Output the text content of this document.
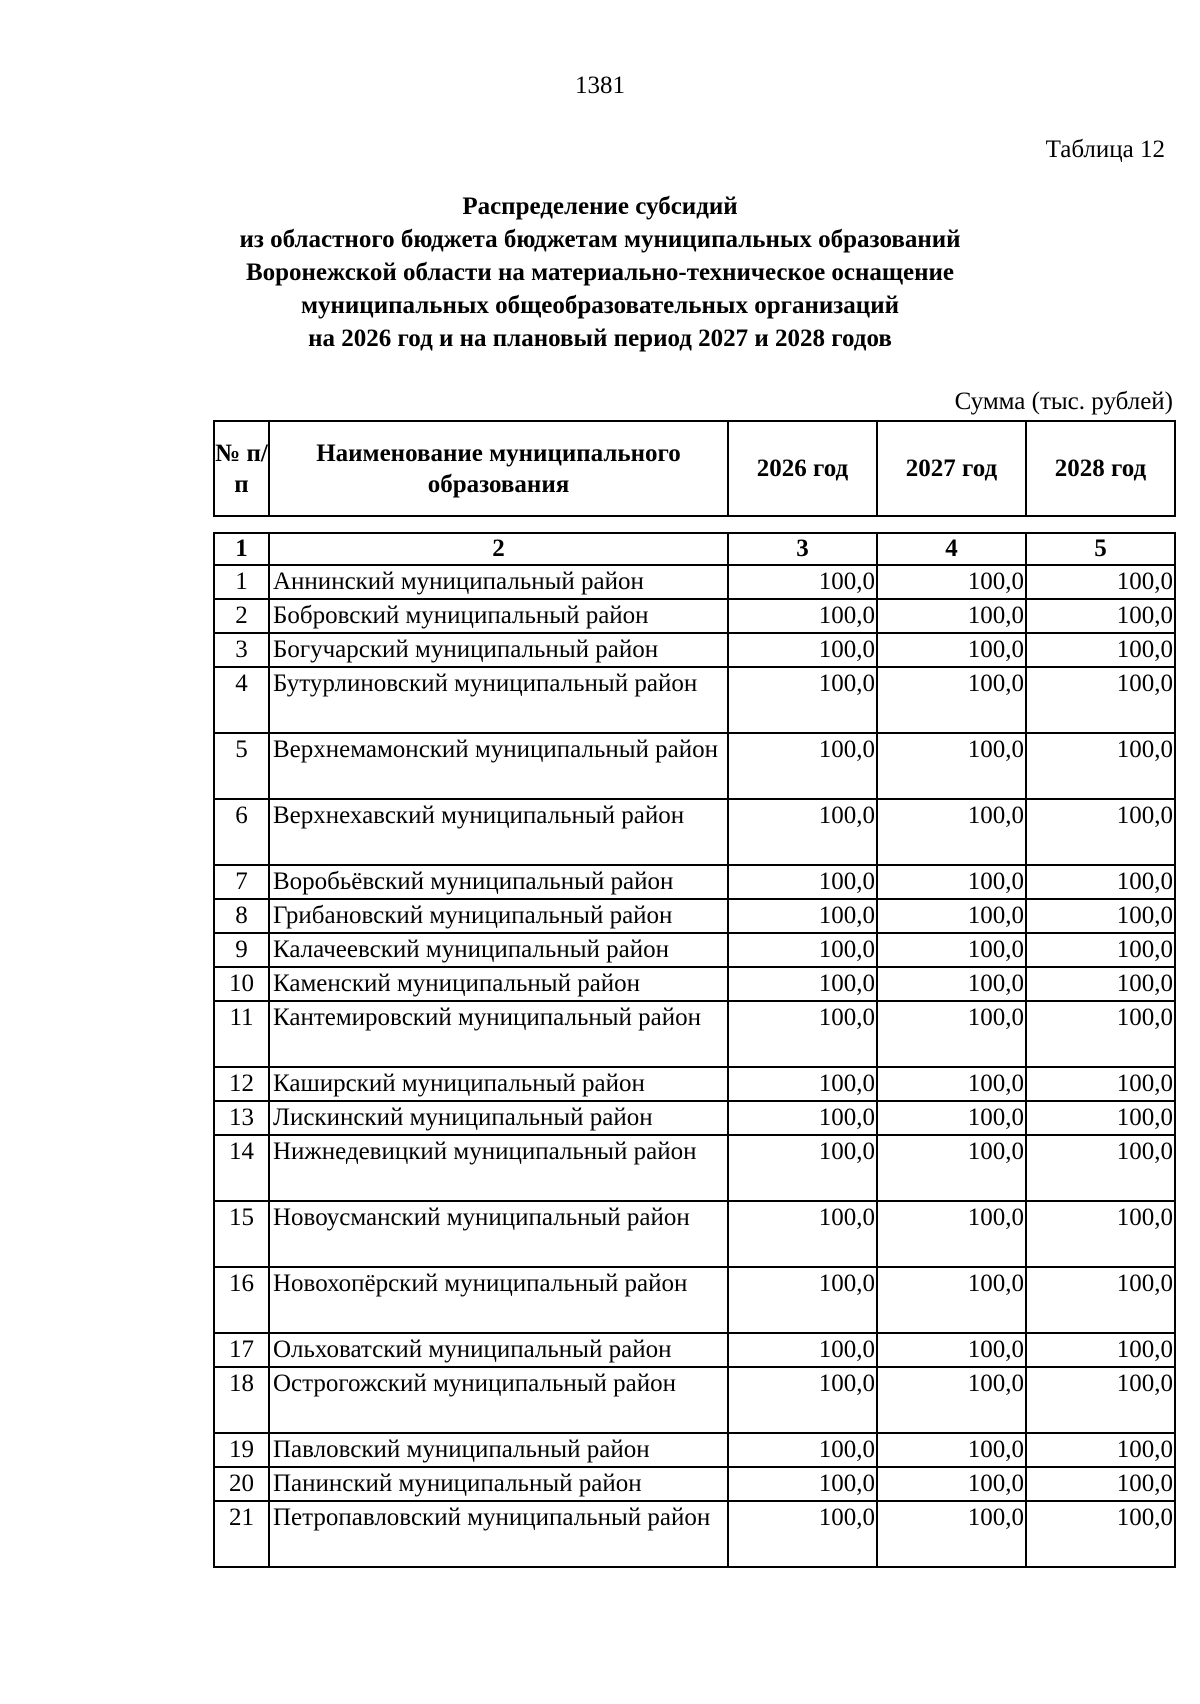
1381
Таблица 12
Распределение субсидий
из областного бюджета бюджетам муниципальных образований
Воронежской области на материально-техническое оснащение
муниципальных общеобразовательных организаций
на 2026 год и на плановый период 2027 и 2028 годов
Сумма (тыс. рублей)
№ п/п	Наименование муниципального образования	2026 год	2027 год	2028 год
1	2	3	4	5
1	Аннинский муниципальный район	100,0	100,0	100,0
2	Бобровский муниципальный район	100,0	100,0	100,0
3	Богучарский муниципальный район	100,0	100,0	100,0
4	Бутурлиновский муниципальный район	100,0	100,0	100,0
5	Верхнемамонский муниципальный район	100,0	100,0	100,0
6	Верхнехавский муниципальный район	100,0	100,0	100,0
7	Воробьёвский муниципальный район	100,0	100,0	100,0
8	Грибановский муниципальный район	100,0	100,0	100,0
9	Калачеевский муниципальный район	100,0	100,0	100,0
10	Каменский муниципальный район	100,0	100,0	100,0
11	Кантемировский муниципальный район	100,0	100,0	100,0
12	Каширский муниципальный район	100,0	100,0	100,0
13	Лискинский муниципальный район	100,0	100,0	100,0
14	Нижнедевицкий муниципальный район	100,0	100,0	100,0
15	Новоусманский муниципальный район	100,0	100,0	100,0
16	Новохопёрский муниципальный район	100,0	100,0	100,0
17	Ольховатский муниципальный район	100,0	100,0	100,0
18	Острогожский муниципальный район	100,0	100,0	100,0
19	Павловский муниципальный район	100,0	100,0	100,0
20	Панинский муниципальный район	100,0	100,0	100,0
21	Петропавловский муниципальный район	100,0	100,0	100,0
